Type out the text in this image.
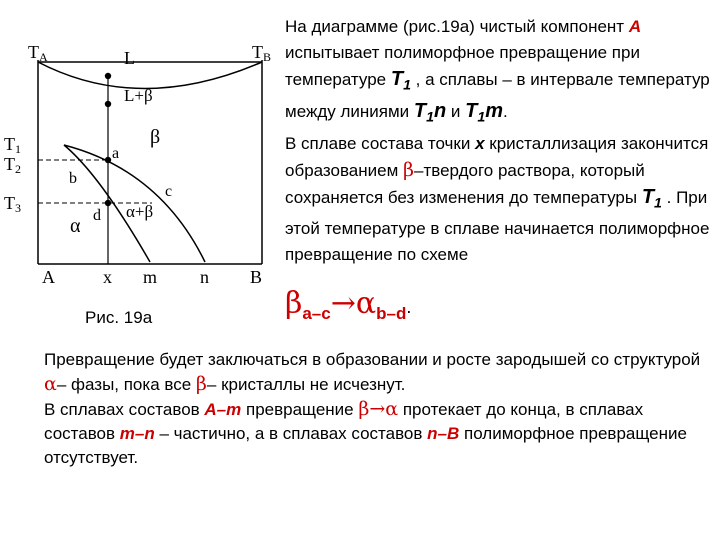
TA	TB
T1
T2
T3
L
L+β
β
α
α+β
a
b
c
d
A	x m n B
Рис. 19а

На диаграмме (рис.19а) чистый компонент A испытывает полиморфное превращение при температуре $T_1$ , а сплавы – в интервале температур между линиями $T_1n$ и $T_1m$.

В сплаве состава точки x кристаллизация закончится образованием β–твердого раствора, который сохраняется без изменения до температуры $T_1$ . При этой температуре в сплаве начинается полиморфное превращение по схеме

$\beta_{a-c}\to\alpha_{b-d}$.

Превращение будет заключаться в образовании и росте зародышей со структурой α– фазы, пока все β– кристаллы не исчезнут.

В сплавах составов A–m превращение β→α протекает до конца, в сплавах составов m–n – частично, а в сплавах составов n–B полиморфное превращение отсутствует.
